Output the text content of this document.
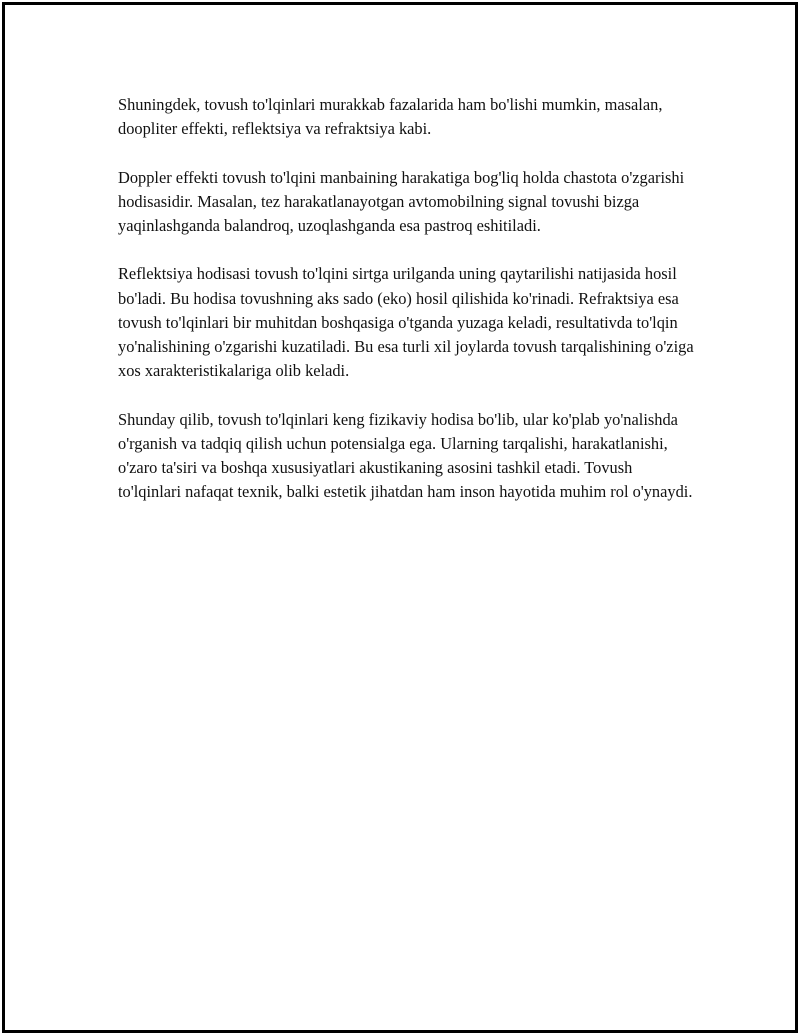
Shuningdek, tovush to'lqinlari murakkab fazalarida ham bo'lishi mumkin, masalan, doopliter effekti, reflektsiya va refraktsiya kabi.

Doppler effekti tovush to'lqini manbaining harakatiga bog'liq holda chastota o'zgarishi hodisasidir. Masalan, tez harakatlanayotgan avtomobilning signal tovushi bizga yaqinlashganda balandroq, uzoqlashganda esa pastroq eshitiladi.

Reflektsiya hodisasi tovush to'lqini sirtga urilganda uning qaytarilishi natijasida hosil bo'ladi. Bu hodisa tovushning aks sado (eko) hosil qilishida ko'rinadi. Refraktsiya esa tovush to'lqinlari bir muhitdan boshqasiga o'tganda yuzaga keladi, resultativda to'lqin yo'nalishining o'zgarishi kuzatiladi. Bu esa turli xil joylarda tovush tarqalishining o'ziga xos xarakteristikalariga olib keladi.

Shunday qilib, tovush to'lqinlari keng fizikaviy hodisa bo'lib, ular ko'plab yo'nalishda o'rganish va tadqiq qilish uchun potensialga ega. Ularning tarqalishi, harakatlanishi, o'zaro ta'siri va boshqa xususiyatlari akustikaning asosini tashkil etadi. Tovush to'lqinlari nafaqat texnik, balki estetik jihatdan ham inson hayotida muhim rol o'ynaydi.
